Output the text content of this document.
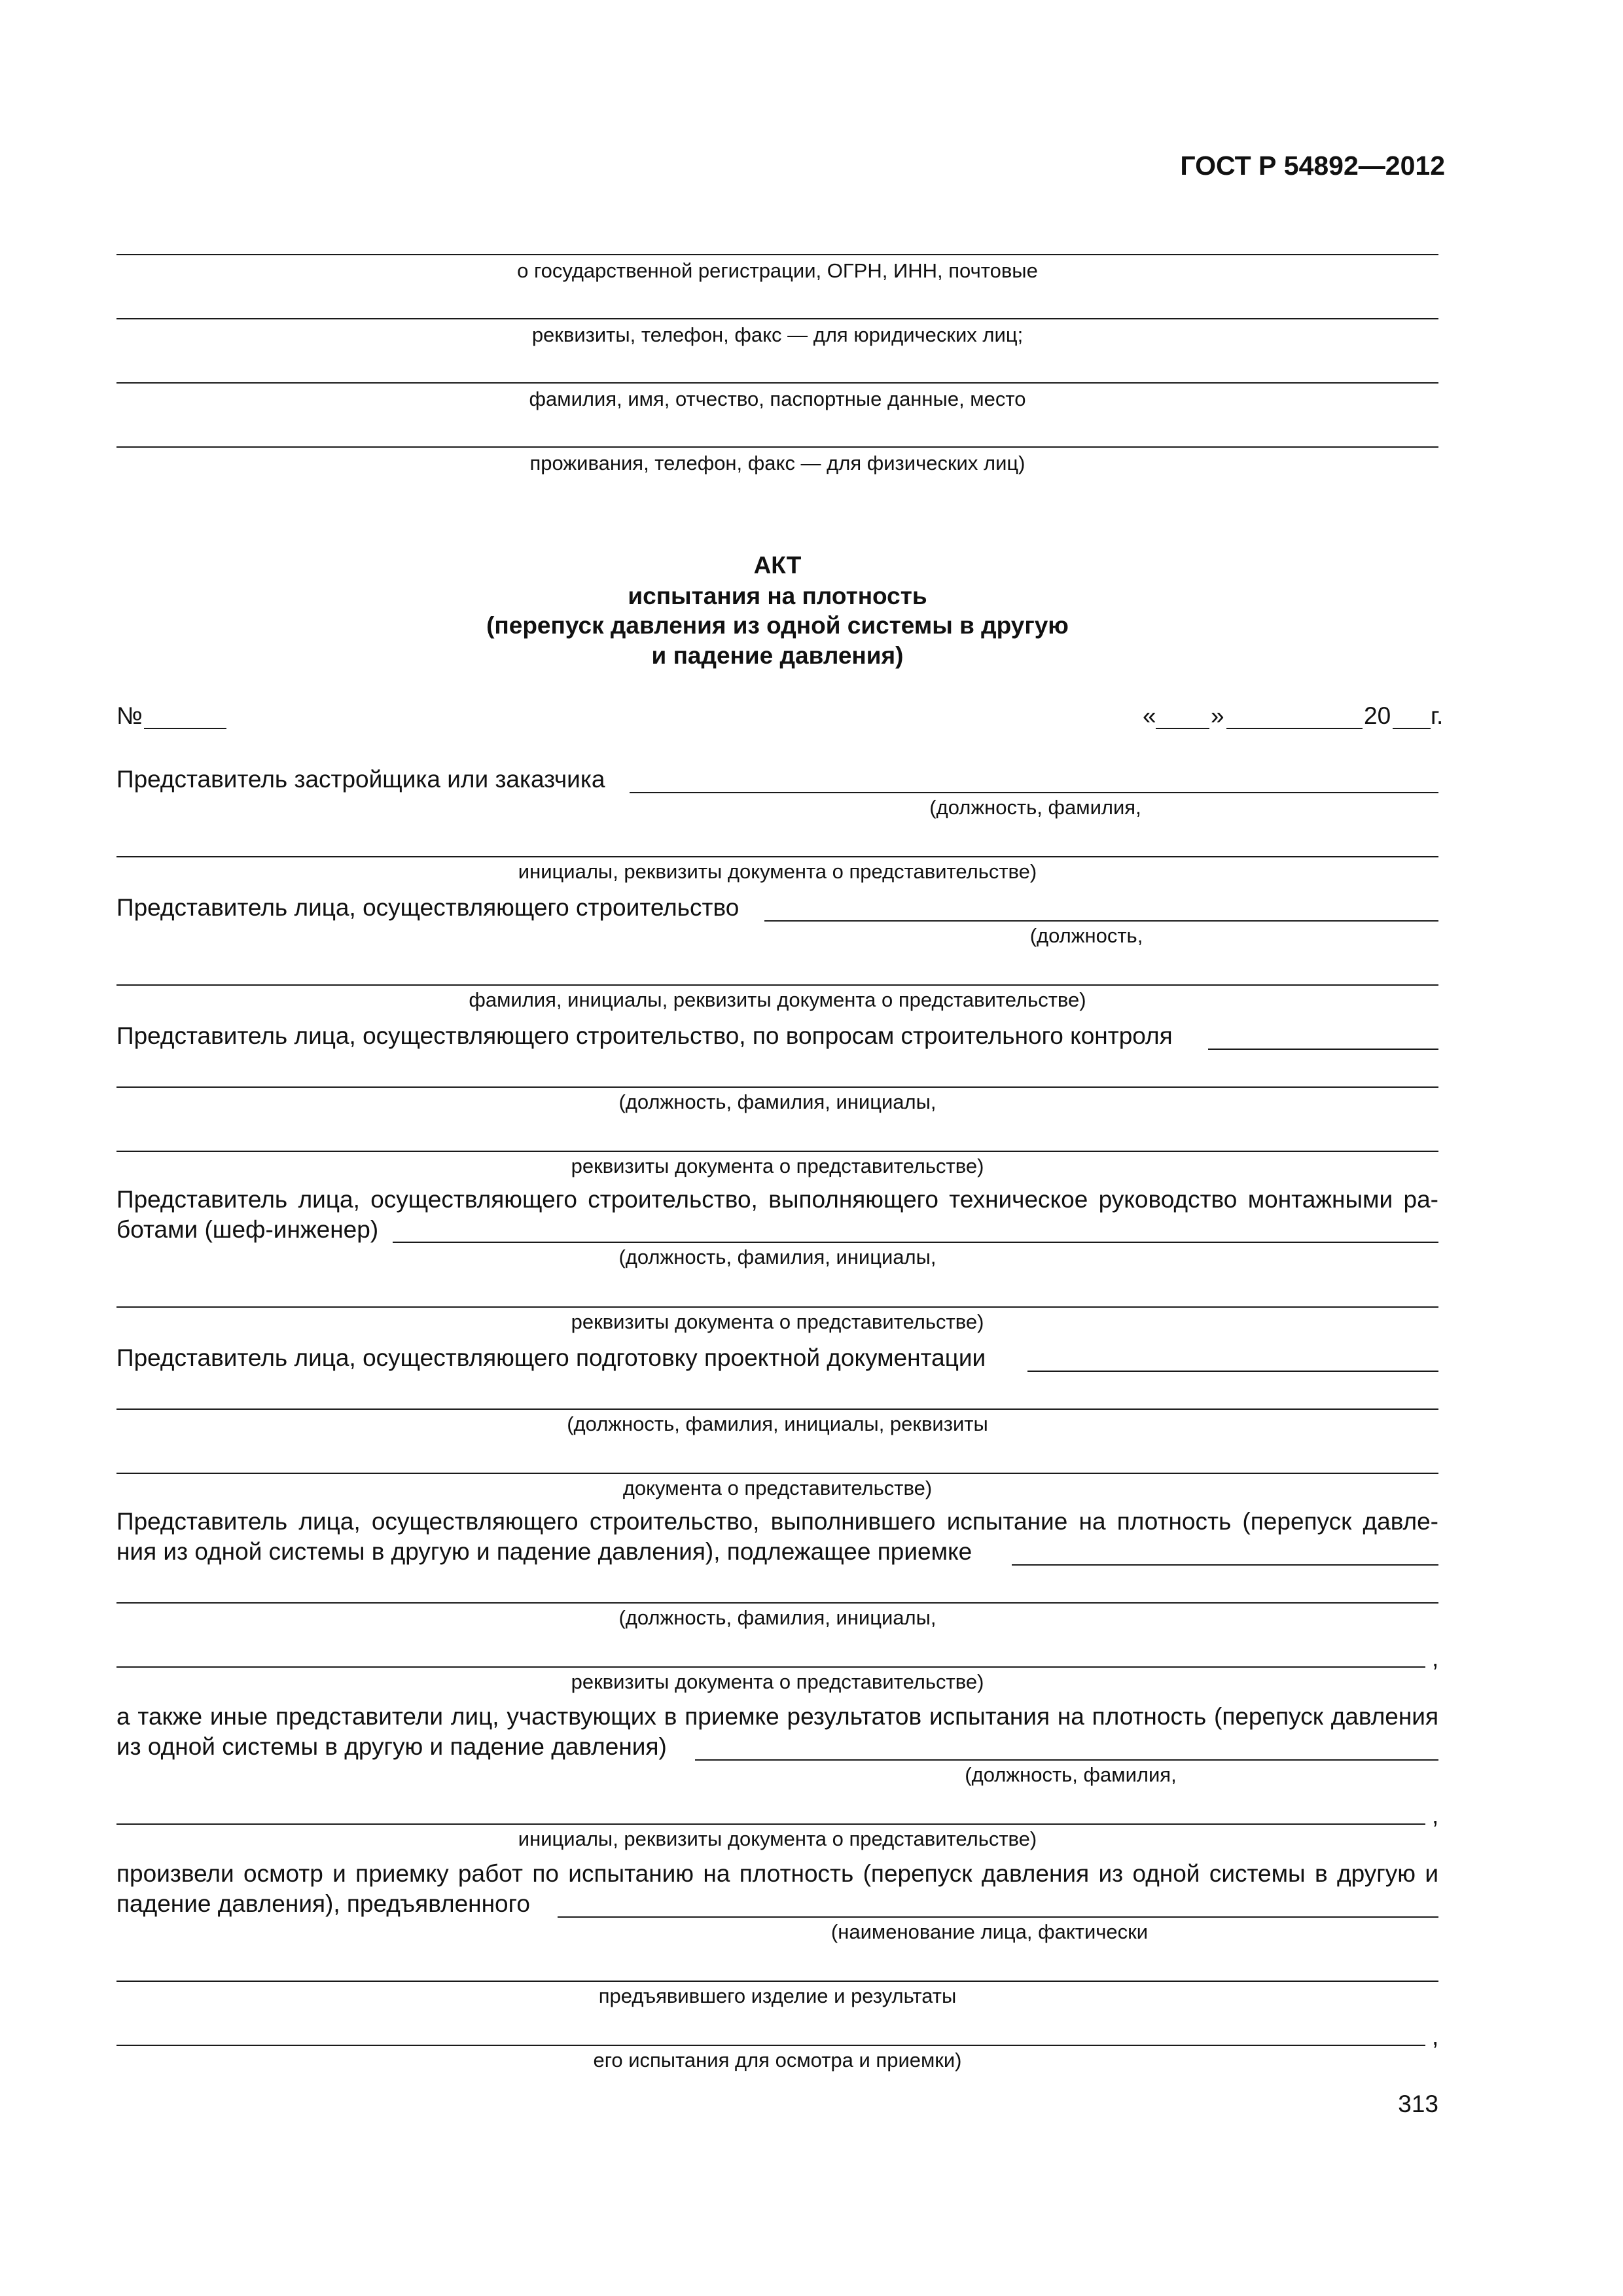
ГОСТ Р 54892—2012
о государственной регистрации, ОГРН, ИНН, почтовые
реквизиты, телефон, факс — для юридических лиц;
фамилия, имя, отчество, паспортные данные, место
проживания, телефон, факс — для физических лиц)
АКТ
испытания на плотность
(перепуск давления из одной системы в другую
и падение давления)
№	« »	20 г.
Представитель застройщика или заказчика
(должность, фамилия,
инициалы, реквизиты документа о представительстве)
Представитель лица, осуществляющего строительство
(должность,
фамилия, инициалы, реквизиты документа о представительстве)
Представитель лица, осуществляющего строительство, по вопросам строительного контроля
(должность, фамилия, инициалы,
реквизиты документа о представительстве)
Представитель лица, осуществляющего строительство, выполняющего техническое руководство монтажными ра-
ботами (шеф-инженер)
(должность, фамилия, инициалы,
реквизиты документа о представительстве)
Представитель лица, осуществляющего подготовку проектной документации
(должность, фамилия, инициалы, реквизиты
документа о представительстве)
Представитель лица, осуществляющего строительство, выполнившего испытание на плотность (перепуск давле-
ния из одной системы в другую и падение давления), подлежащее приемке
(должность, фамилия, инициалы,
,
реквизиты документа о представительстве)
а также иные представители лиц, участвующих в приемке результатов испытания на плотность (перепуск давления
из одной системы в другую и падение давления)
(должность, фамилия,
,
инициалы, реквизиты документа о представительстве)
произвели осмотр и приемку работ по испытанию на плотность (перепуск давления из одной системы в другую и
падение давления), предъявленного
(наименование лица, фактически
предъявившего изделие и результаты
,
его испытания для осмотра и приемки)
313
